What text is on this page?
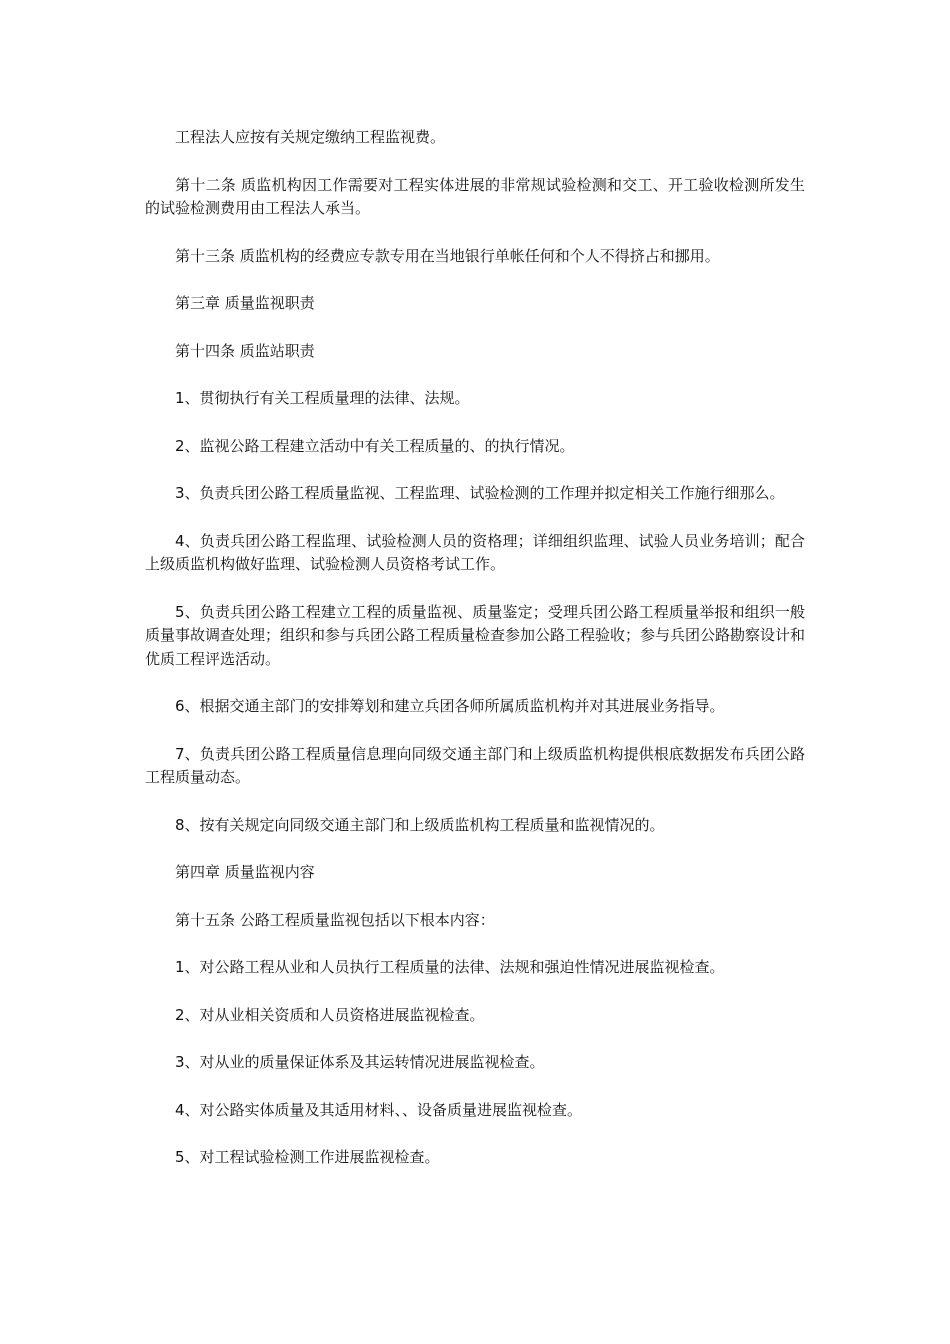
工程法人应按有关规定缴纳工程监视费。

第十二条 质监机构因工作需要对工程实体进展的非常规试验检测和交工、开工验收检测所发生的试验检测费用由工程法人承当。

第十三条 质监机构的经费应专款专用在当地银行单帐任何和个人不得挤占和挪用。

第三章 质量监视职责

第十四条 质监站职责

1、贯彻执行有关工程质量理的法律、法规。

2、监视公路工程建立活动中有关工程质量的、的执行情况。

3、负责兵团公路工程质量监视、工程监理、试验检测的工作理并拟定相关工作施行细那么。

4、负责兵团公路工程监理、试验检测人员的资格理；详细组织监理、试验人员业务培训；配合上级质监机构做好监理、试验检测人员资格考试工作。

5、负责兵团公路工程建立工程的质量监视、质量鉴定；受理兵团公路工程质量举报和组织一般质量事故调查处理；组织和参与兵团公路工程质量检查参加公路工程验收；参与兵团公路勘察设计和优质工程评选活动。

6、根据交通主部门的安排筹划和建立兵团各师所属质监机构并对其进展业务指导。

7、负责兵团公路工程质量信息理向同级交通主部门和上级质监机构提供根底数据发布兵团公路工程质量动态。

8、按有关规定向同级交通主部门和上级质监机构工程质量和监视情况的。

第四章 质量监视内容

第十五条 公路工程质量监视包括以下根本内容：

1、对公路工程从业和人员执行工程质量的法律、法规和强迫性情况进展监视检查。

2、对从业相关资质和人员资格进展监视检查。

3、对从业的质量保证体系及其运转情况进展监视检查。

4、对公路实体质量及其适用材料、、设备质量进展监视检查。

5、对工程试验检测工作进展监视检查。
